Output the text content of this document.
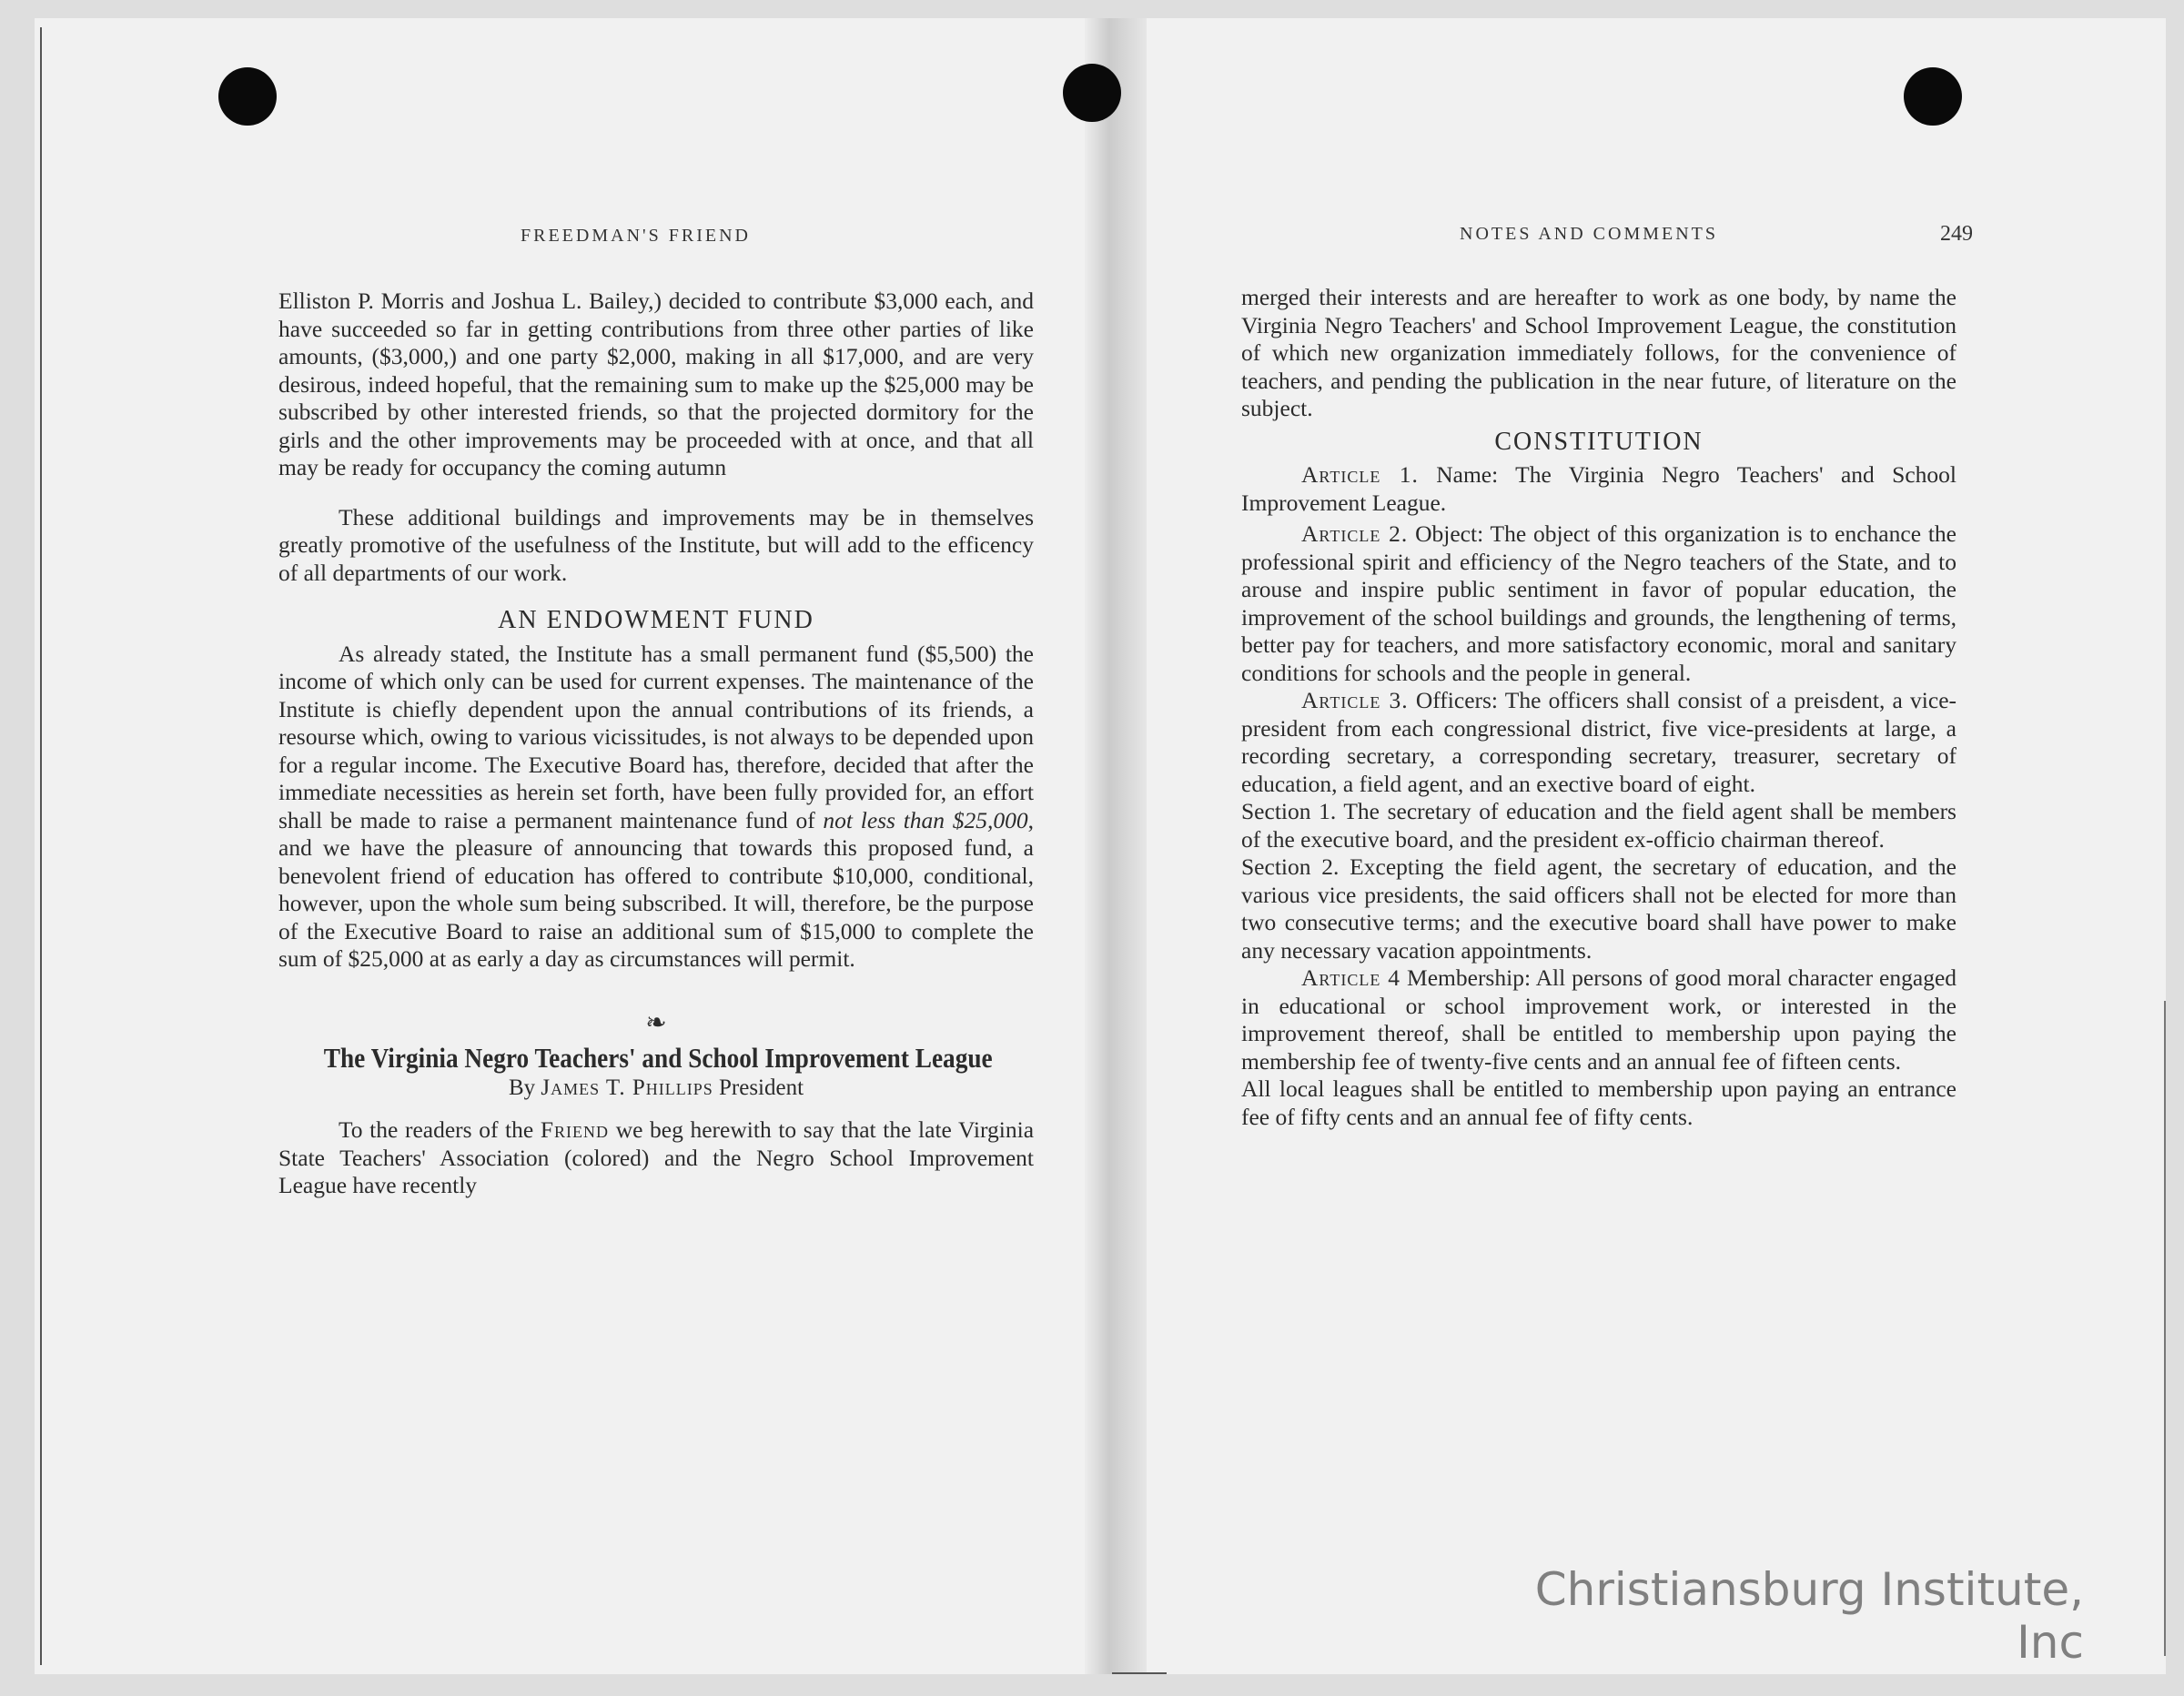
FREEDMAN'S FRIEND

Elliston P. Morris and Joshua L. Bailey,) decided to contribute $3,000 each, and have succeeded so far in getting contributions from three other parties of like amounts, ($3,000,) and one party $2,000, making in all $17,000, and are very desirous, indeed hopeful, that the remaining sum to make up the $25,000 may be subscribed by other interested friends, so that the projected dormitory for the girls and the other improvements may be proceeded with at once, and that all may be ready for occupancy the coming autumn

These additional buildings and improvements may be in themselves greatly promotive of the usefulness of the Institute, but will add to the efficency of all departments of our work.

AN ENDOWMENT FUND

As already stated, the Institute has a small permanent fund ($5,500) the income of which only can be used for current expenses. The maintenance of the Institute is chiefly dependent upon the annual contributions of its friends, a resourse which, owing to various vicissitudes, is not always to be depended upon for a regular income. The Executive Board has, therefore, decided that after the immediate necessities as herein set forth, have been fully provided for, an effort shall be made to raise a permanent maintenance fund of not less than $25,000, and we have the pleasure of announcing that towards this proposed fund, a benevolent friend of education has offered to contribute $10,000, conditional, however, upon the whole sum being subscribed. It will, therefore, be the purpose of the Executive Board to raise an additional sum of $15,000 to complete the sum of $25,000 at as early a day as circumstances will permit.

❧
The Virginia Negro Teachers' and School Improvement League
By James T. Phillips President

To the readers of the Friend we beg herewith to say that the late Virginia State Teachers' Association (colored) and the Negro School Improvement League have recently

NOTES AND COMMENTS	249

merged their interests and are hereafter to work as one body, by name the Virginia Negro Teachers' and School Improvement League, the constitution of which new organization immediately follows, for the convenience of teachers, and pending the publication in the near future, of literature on the subject.

CONSTITUTION

Article 1. Name: The Virginia Negro Teachers' and School Improvement League.

Article 2. Object: The object of this organization is to enchance the professional spirit and efficiency of the Negro teachers of the State, and to arouse and inspire public sentiment in favor of popular education, the improvement of the school buildings and grounds, the lengthening of terms, better pay for teachers, and more satisfactory economic, moral and sanitary conditions for schools and the people in general.

Article 3. Officers: The officers shall consist of a preisdent, a vice-president from each congressional district, five vice-presidents at large, a recording secretary, a corresponding secretary, treasurer, secretary of education, a field agent, and an exective board of eight.

Section 1. The secretary of education and the field agent shall be members of the executive board, and the president ex-officio chairman thereof.

Section 2. Excepting the field agent, the secretary of education, and the various vice presidents, the said officers shall not be elected for more than two consecutive terms; and the executive board shall have power to make any necessary vacation appointments.

Article 4 Membership: All persons of good moral character engaged in educational or school improvement work, or interested in the improvement thereof, shall be entitled to membership upon paying the membership fee of twenty-five cents and an annual fee of fifteen cents.

All local leagues shall be entitled to membership upon paying an entrance fee of fifty cents and an annual fee of fifty cents.

Christiansburg Institute, Inc
